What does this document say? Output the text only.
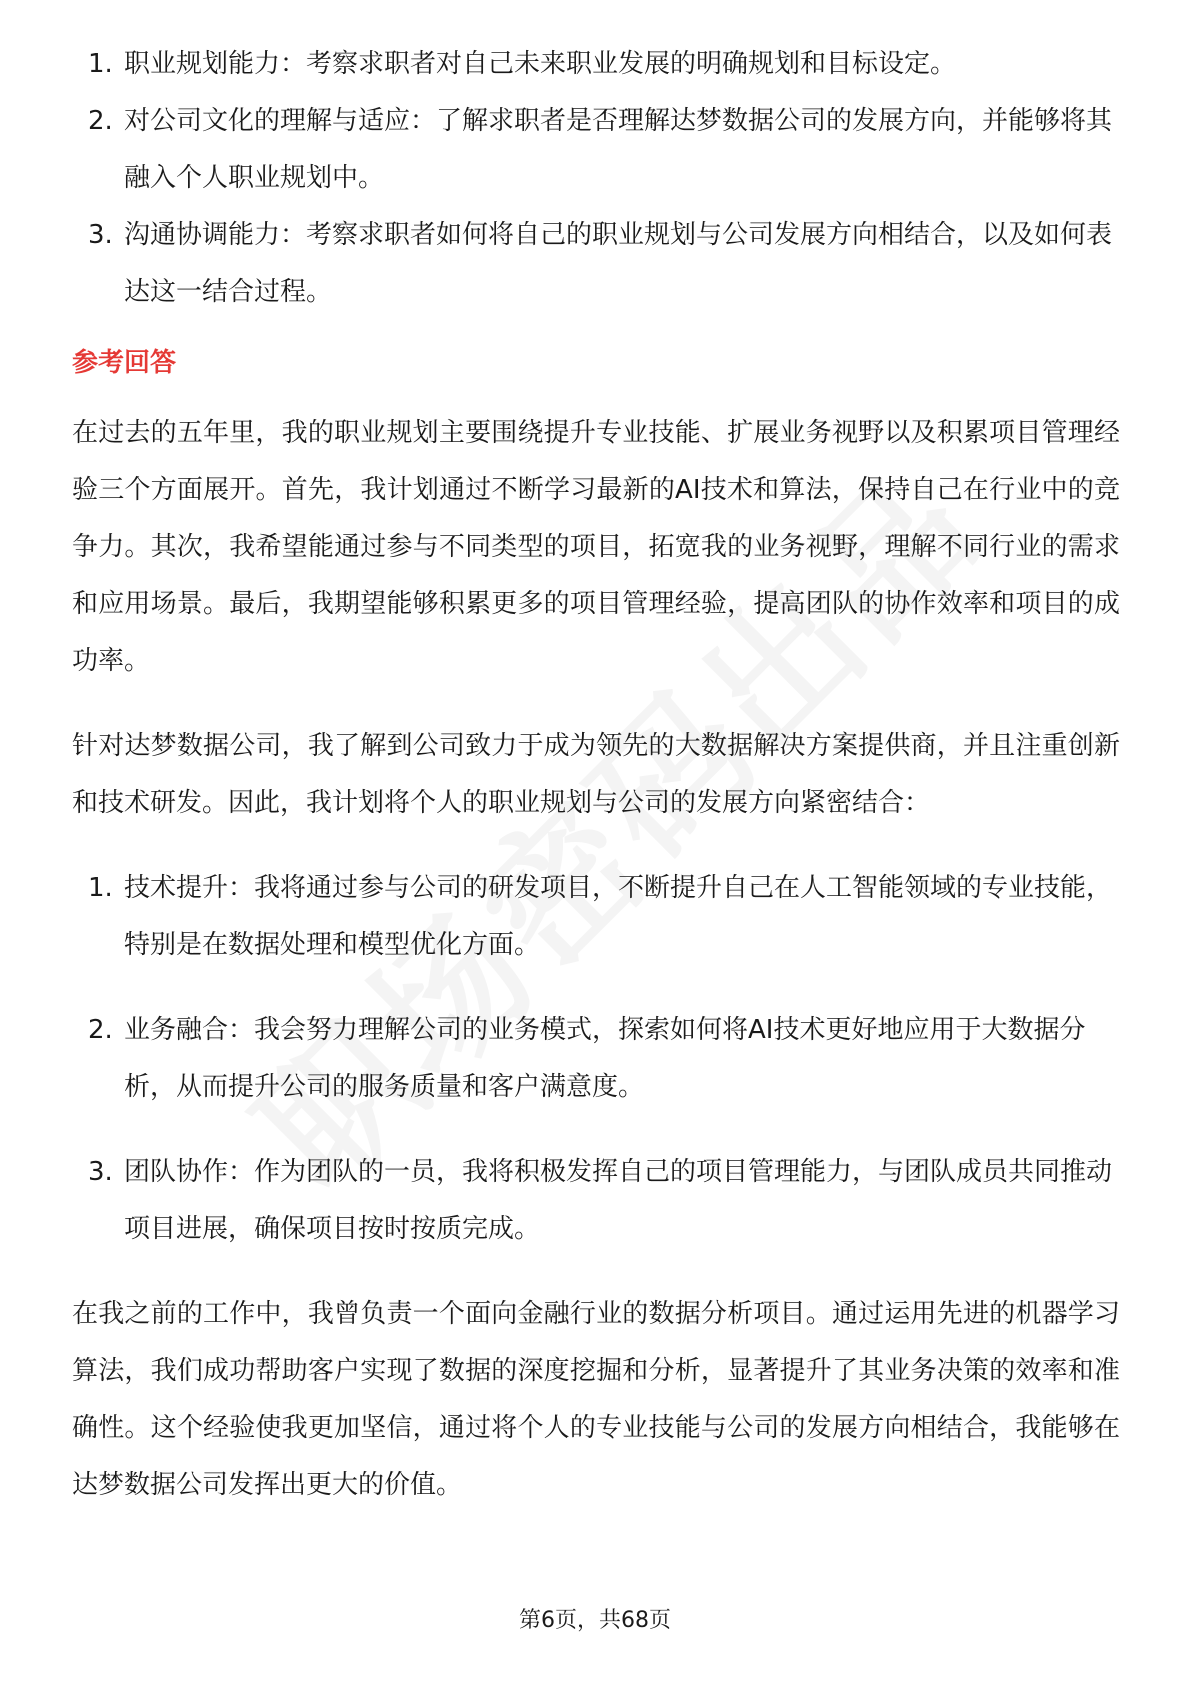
1. 职业规划能力：考察求职者对自己未来职业发展的明确规划和目标设定。
2. 对公司文化的理解与适应：了解求职者是否理解达梦数据公司的发展方向，并能够将其融入个人职业规划中。
3. 沟通协调能力：考察求职者如何将自己的职业规划与公司发展方向相结合，以及如何表达这一结合过程。
参考回答

在过去的五年里，我的职业规划主要围绕提升专业技能、扩展业务视野以及积累项目管理经验三个方面展开。首先，我计划通过不断学习最新的AI技术和算法，保持自己在行业中的竞争力。其次，我希望能通过参与不同类型的项目，拓宽我的业务视野，理解不同行业的需求和应用场景。最后，我期望能够积累更多的项目管理经验，提高团队的协作效率和项目的成功率。

针对达梦数据公司，我了解到公司致力于成为领先的大数据解决方案提供商，并且注重创新和技术研发。因此，我计划将个人的职业规划与公司的发展方向紧密结合：

1. 技术提升：我将通过参与公司的研发项目，不断提升自己在人工智能领域的专业技能，特别是在数据处理和模型优化方面。
2. 业务融合：我会努力理解公司的业务模式，探索如何将AI技术更好地应用于大数据分析，从而提升公司的服务质量和客户满意度。
3. 团队协作：作为团队的一员，我将积极发挥自己的项目管理能力，与团队成员共同推动项目进展，确保项目按时按质完成。

在我之前的工作中，我曾负责一个面向金融行业的数据分析项目。通过运用先进的机器学习算法，我们成功帮助客户实现了数据的深度挖掘和分析，显著提升了其业务决策的效率和准确性。这个经验使我更加坚信，通过将个人的专业技能与公司的发展方向相结合，我能够在达梦数据公司发挥出更大的价值。

第6页，共68页
